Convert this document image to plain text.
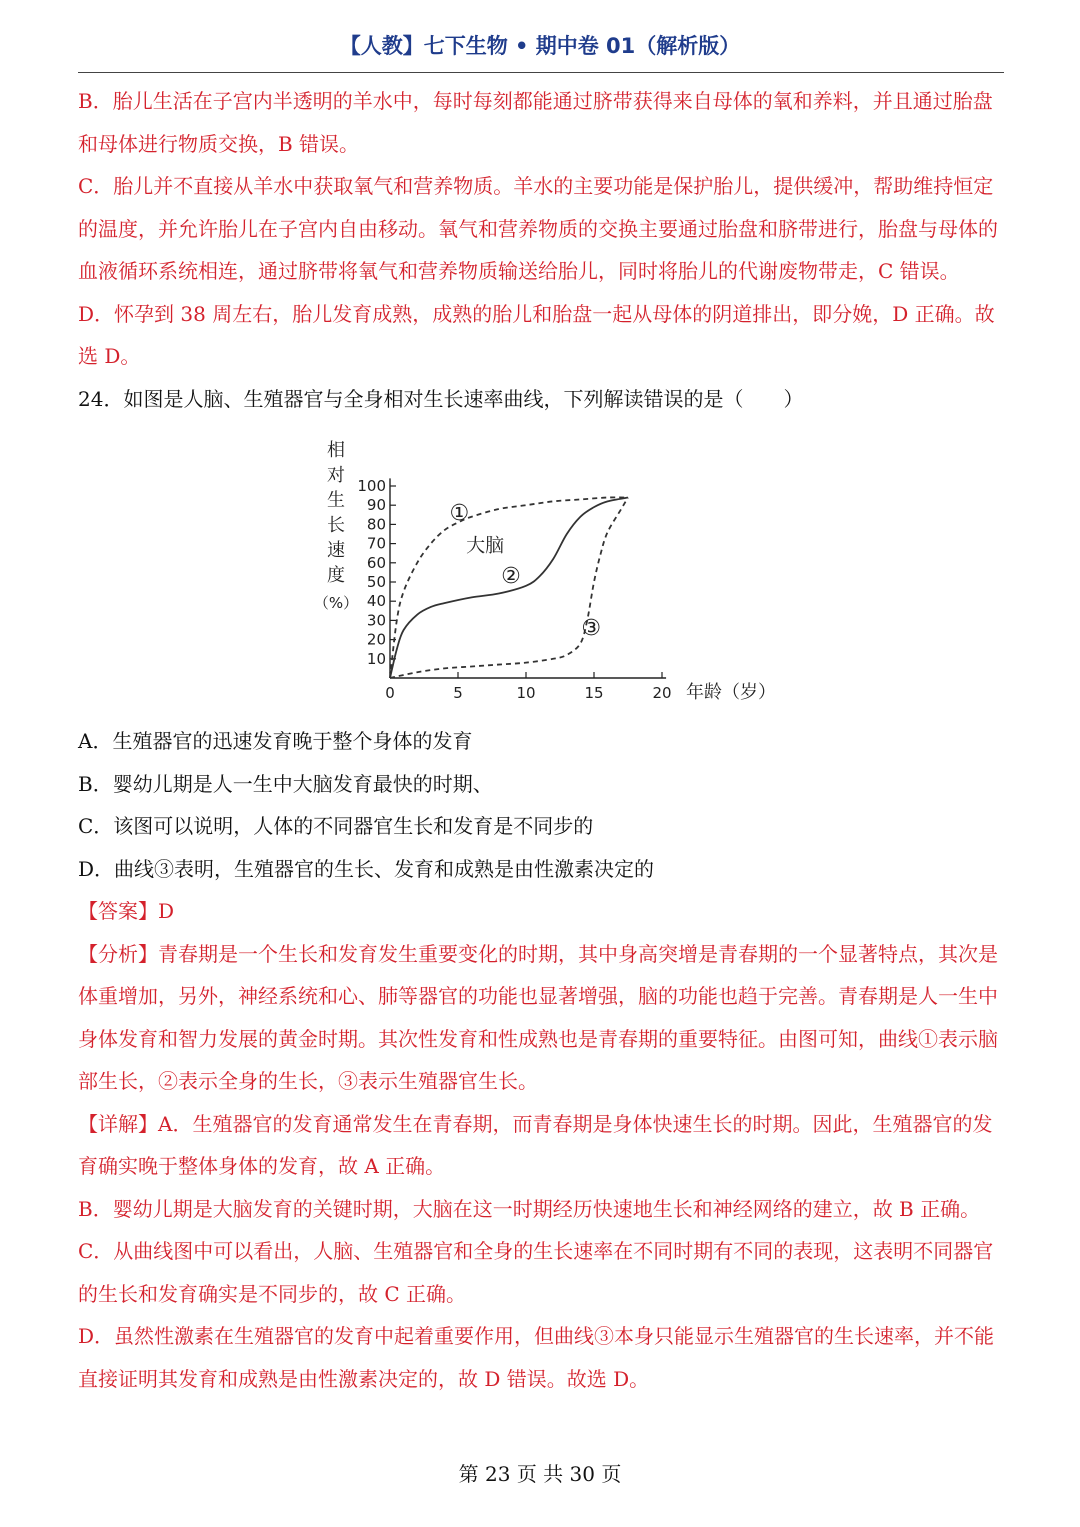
【人教】七下生物 • 期中卷 01（解析版）

B．胎儿生活在子宫内半透明的羊水中，每时每刻都能通过脐带获得来自母体的氧和养料，并且通过胎盘和母体进行物质交换，B 错误。

C．胎儿并不直接从羊水中获取氧气和营养物质。羊水的主要功能是保护胎儿，提供缓冲，帮助维持恒定的温度，并允许胎儿在子宫内自由移动。氧气和营养物质的交换主要通过胎盘和脐带进行，胎盘与母体的血液循环系统相连，通过脐带将氧气和营养物质输送给胎儿，同时将胎儿的代谢废物带走，C 错误。

D．怀孕到 38 周左右，胎儿发育成熟，成熟的胎儿和胎盘一起从母体的阴道排出，即分娩，D 正确。故选 D。

24．如图是人脑、生殖器官与全身相对生长速率曲线，下列解读错误的是（　　）

0	5	10	15	20
10
20
30
40
50
60
70
80
90
100
相对生长速度（%）
年龄（岁）
①
②
③
大脑

A．生殖器官的迅速发育晚于整个身体的发育

B．婴幼儿期是人一生中大脑发育最快的时期、

C．该图可以说明，人体的不同器官生长和发育是不同步的

D．曲线③表明，生殖器官的生长、发育和成熟是由性激素决定的

【答案】D

【分析】青春期是一个生长和发育发生重要变化的时期，其中身高突增是青春期的一个显著特点，其次是体重增加，另外，神经系统和心、肺等器官的功能也显著增强，脑的功能也趋于完善。青春期是人一生中身体发育和智力发展的黄金时期。其次性发育和性成熟也是青春期的重要特征。由图可知，曲线①表示脑部生长，②表示全身的生长，③表示生殖器官生长。

【详解】A．生殖器官的发育通常发生在青春期，而青春期是身体快速生长的时期。因此，生殖器官的发育确实晚于整体身体的发育，故 A 正确。

B．婴幼儿期是大脑发育的关键时期，大脑在这一时期经历快速地生长和神经网络的建立，故 B 正确。

C．从曲线图中可以看出，人脑、生殖器官和全身的生长速率在不同时期有不同的表现，这表明不同器官的生长和发育确实是不同步的，故 C 正确。

D．虽然性激素在生殖器官的发育中起着重要作用，但曲线③本身只能显示生殖器官的生长速率，并不能直接证明其发育和成熟是由性激素决定的，故 D 错误。故选 D。

第 23 页 共 30 页
